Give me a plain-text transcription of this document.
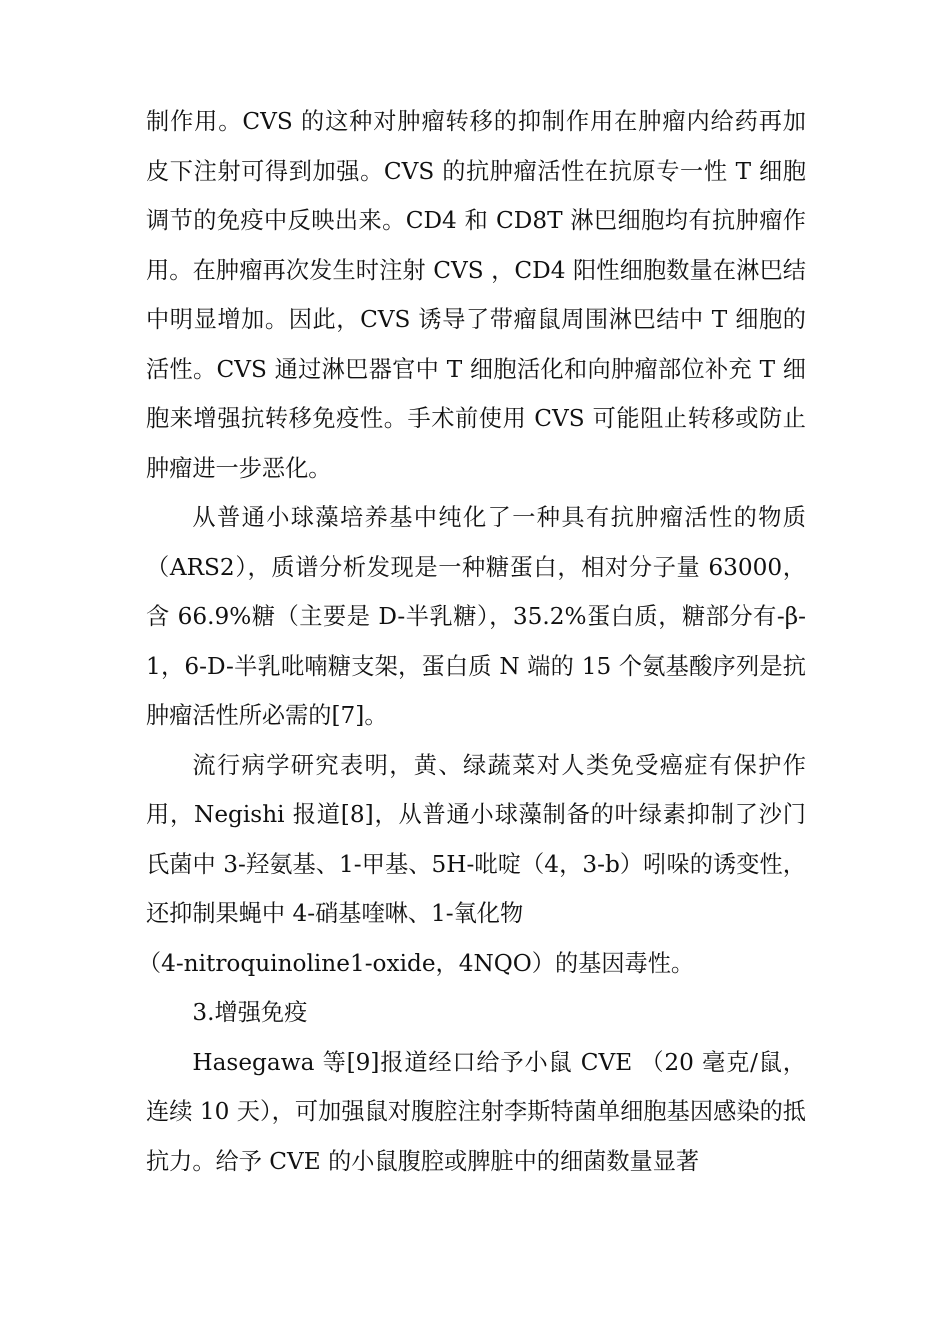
制作用。CVS 的这种对肿瘤转移的抑制作用在肿瘤内给药再加皮下注射可得到加强。CVS 的抗肿瘤活性在抗原专一性 T 细胞调节的免疫中反映出来。CD4 和 CD8T 淋巴细胞均有抗肿瘤作用。在肿瘤再次发生时注射 CVS ，CD4 阳性细胞数量在淋巴结中明显增加。因此，CVS 诱导了带瘤鼠周围淋巴结中 T 细胞的活性。CVS 通过淋巴器官中 T 细胞活化和向肿瘤部位补充 T 细胞来增强抗转移免疫性。手术前使用 CVS 可能阻止转移或防止肿瘤进一步恶化。

从普通小球藻培养基中纯化了一种具有抗肿瘤活性的物质 （ARS2），质谱分析发现是一种糖蛋白，相对分子量 63000，含 66.9%糖（主要是 D-半乳糖），35.2%蛋白质，糖部分有-β-1，6-D-半乳吡喃糖支架，蛋白质 N 端的 15 个氨基酸序列是抗肿瘤活性所必需的[7]。

流行病学研究表明，黄、绿蔬菜对人类免受癌症有保护作用，Negishi 报道[8]，从普通小球藻制备的叶绿素抑制了沙门氏菌中 3-羟氨基、1-甲基、5H-吡啶（4，3-b）吲哚的诱变性，还抑制果蝇中 4-硝基喹啉、1-氧化物

（4-nitroquinoline1-oxide，4NQO）的基因毒性。

3.增强免疫

Hasegawa 等[9]报道经口给予小鼠 CVE （20 毫克/鼠，连续 10 天），可加强鼠对腹腔注射李斯特菌单细胞基因感染的抵抗力。给予 CVE 的小鼠腹腔或脾脏中的细菌数量显著
